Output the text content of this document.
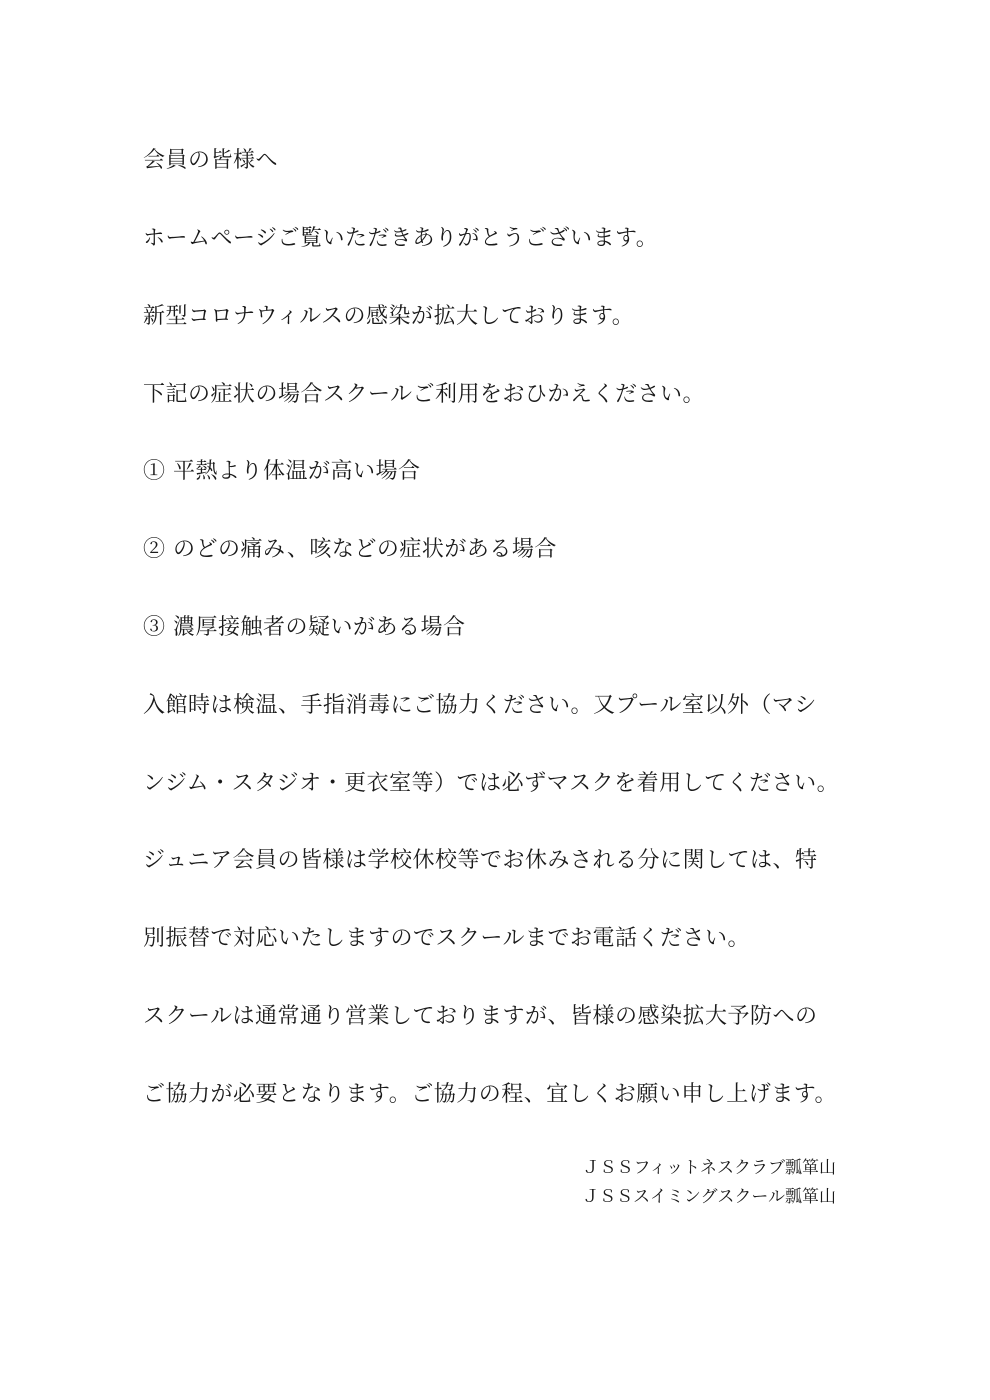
会員の皆様へ
ホームページご覧いただきありがとうございます。
新型コロナウィルスの感染が拡大しております。
下記の症状の場合スクールご利用をおひかえください。
① 平熱より体温が高い場合
② のどの痛み、咳などの症状がある場合
③ 濃厚接触者の疑いがある場合
入館時は検温、手指消毒にご協力ください。又プール室以外（マシ
ンジム・スタジオ・更衣室等）では必ずマスクを着用してください。
ジュニア会員の皆様は学校休校等でお休みされる分に関しては、特
別振替で対応いたしますのでスクールまでお電話ください。
スクールは通常通り営業しておりますが、皆様の感染拡大予防への
ご協力が必要となります。ご協力の程、宜しくお願い申し上げます。
ＪＳＳフィットネスクラブ瓢箪山
ＪＳＳスイミングスクール瓢箪山
